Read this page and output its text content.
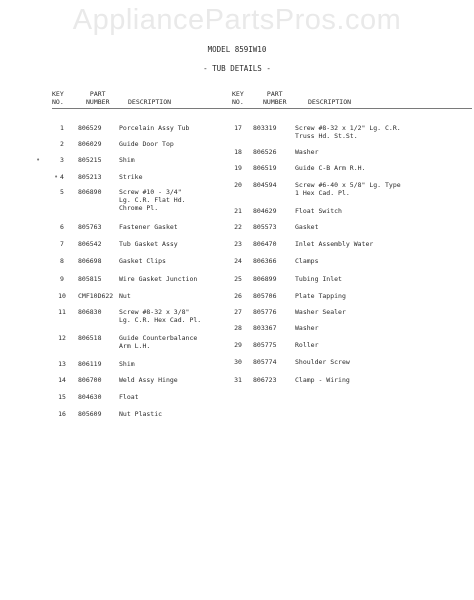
AppliancePartsPros.com
MODEL 859IW10
- TUB DETAILS -
KEY
NO.
PART
NUMBER	DESCRIPTION
KEY
NO.
PART
NUMBER	DESCRIPTION
1	806529	Porcelain Assy Tub
2	806029	Guide Door Top
3	805215	Shim
4	805213	Strike
5	806890	Screw #10 - 3/4"
Lg. C.R. Flat Hd.
Chrome Pl.
6	805763	Fastener Gasket
7	806542	Tub Gasket Assy
8	806698	Gasket Clips
9	805815	Wire Gasket Junction
10	CMF10D622 Nut
11	806830	Screw #8-32 x 3/8"
Lg. C.R. Hex Cad. Pl.
12	806518	Guide Counterbalance
Arm L.H.
13	806119	Shim
14	806700	Weld Assy Hinge
15	804630	Float
16	805609	Nut Plastic
17	803319	Screw #8-32 x 1/2" Lg. C.R.
Truss Hd. St.St.
18	806526	Washer
19	806519	Guide C-B Arm R.H.
20	804594	Screw #6-40 x 5/8" Lg. Type
1 Hex Cad. Pl.
21	804629	Float Switch
22	805573	Gasket
23	806470	Inlet Assembly Water
24	806366	Clamps
25	806899	Tubing Inlet
26	805706	Plate Tapping
27	805776	Washer Sealer
28	803367	Washer
29	805775	Roller
30	805774	Shoulder Screw
31	806723	Clamp - Wiring
•
•
